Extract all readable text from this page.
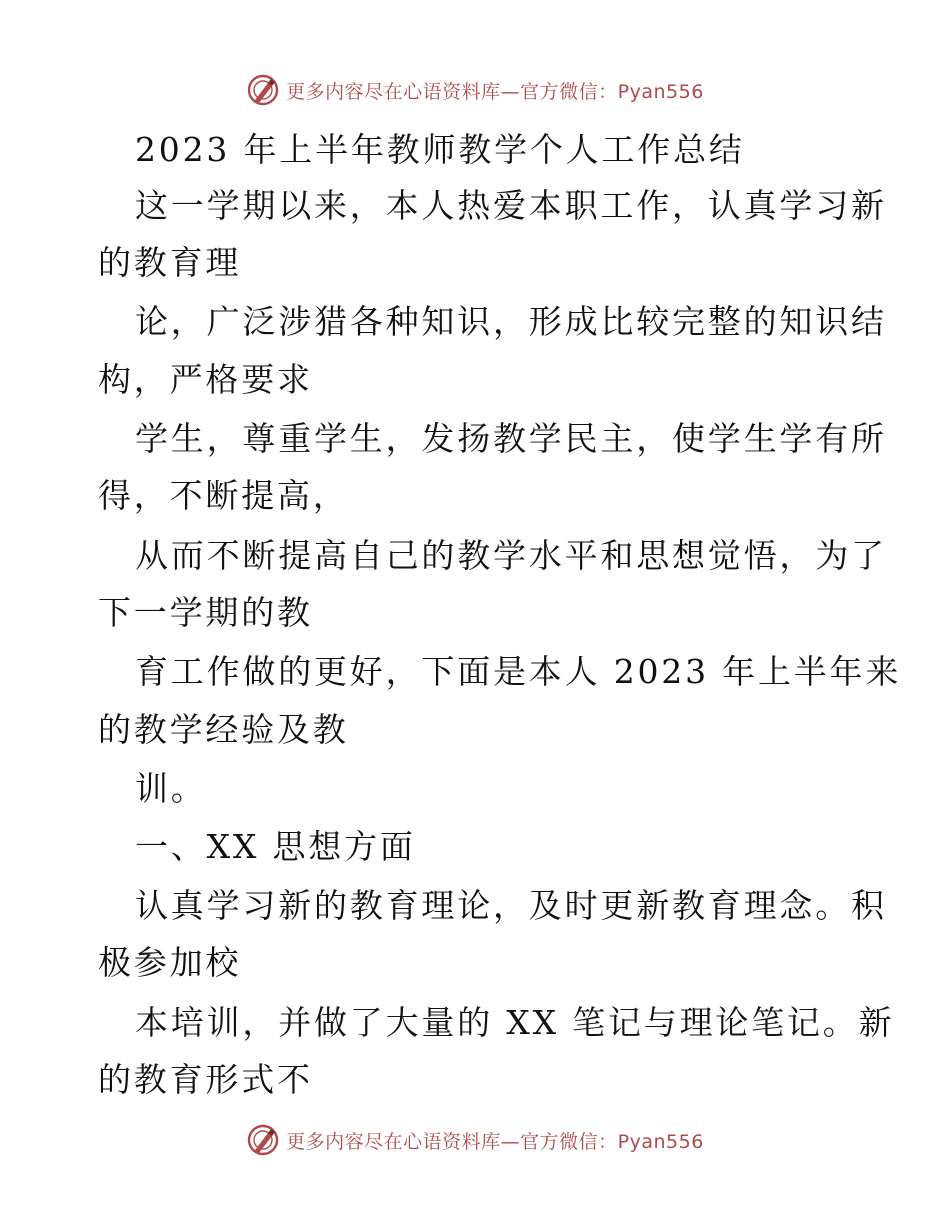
更多内容尽在心语资料库—官方微信：Pyan556
2023 年上半年教师教学个人工作总结
这一学期以来，本人热爱本职工作，认真学习新
的教育理
论，广泛涉猎各种知识，形成比较完整的知识结
构，严格要求
学生，尊重学生，发扬教学民主，使学生学有所
得，不断提高，
从而不断提高自己的教学水平和思想觉悟，为了
下一学期的教
育工作做的更好，下面是本人 2023 年上半年来
的教学经验及教
训。
一、XX 思想方面
认真学习新的教育理论，及时更新教育理念。积
极参加校
本培训，并做了大量的 XX 笔记与理论笔记。新
的教育形式不
更多内容尽在心语资料库—官方微信：Pyan556
